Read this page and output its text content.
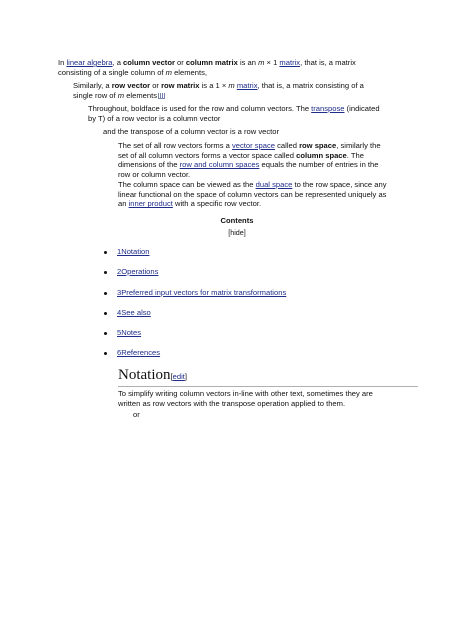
In linear algebra, a column vector or column matrix is an m × 1 matrix, that is, a matrix
consisting of a single column of m elements,
Similarly, a row vector or row matrix is a 1 × m matrix, that is, a matrix consisting of a
single row of m elements
Throughout, boldface is used for the row and column vectors. The transpose (indicated
by T) of a row vector is a column vector
and the transpose of a column vector is a row vector
The set of all row vectors forms a vector space called row space, similarly the
set of all column vectors forms a vector space called column space. The
dimensions of the row and column spaces equals the number of entries in the
row or column vector.
The column space can be viewed as the dual space to the row space, since any
linear functional on the space of column vectors can be represented uniquely as
an inner product with a specific row vector.
Contents
[hide]
1Notation
2Operations
3Preferred input vectors for matrix transformations
4See also
5Notes
6References
Notation[edit]
To simplify writing column vectors in-line with other text, sometimes they are
written as row vectors with the transpose operation applied to them.
or
